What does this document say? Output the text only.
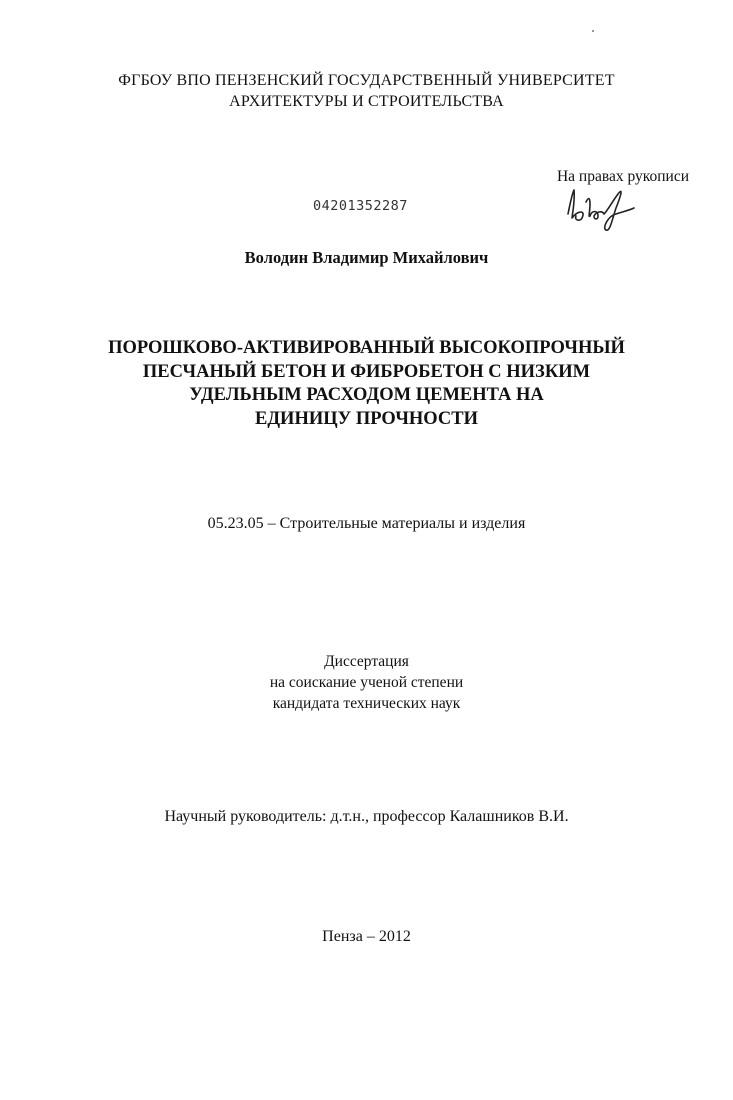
ФГБОУ ВПО ПЕНЗЕНСКИЙ ГОСУДАРСТВЕННЫЙ УНИВЕРСИТЕТ
АРХИТЕКТУРЫ И СТРОИТЕЛЬСТВА
На правах рукописи
04201352287
Володин Владимир Михайлович
ПОРОШКОВО-АКТИВИРОВАННЫЙ ВЫСОКОПРОЧНЫЙ
ПЕСЧАНЫЙ БЕТОН И ФИБРОБЕТОН С НИЗКИМ
УДЕЛЬНЫМ РАСХОДОМ ЦЕМЕНТА НА
ЕДИНИЦУ ПРОЧНОСТИ
05.23.05 – Строительные материалы и изделия
Диссертация
на соискание ученой степени
кандидата технических наук
Научный руководитель: д.т.н., профессор Калашников В.И.
Пенза – 2012
